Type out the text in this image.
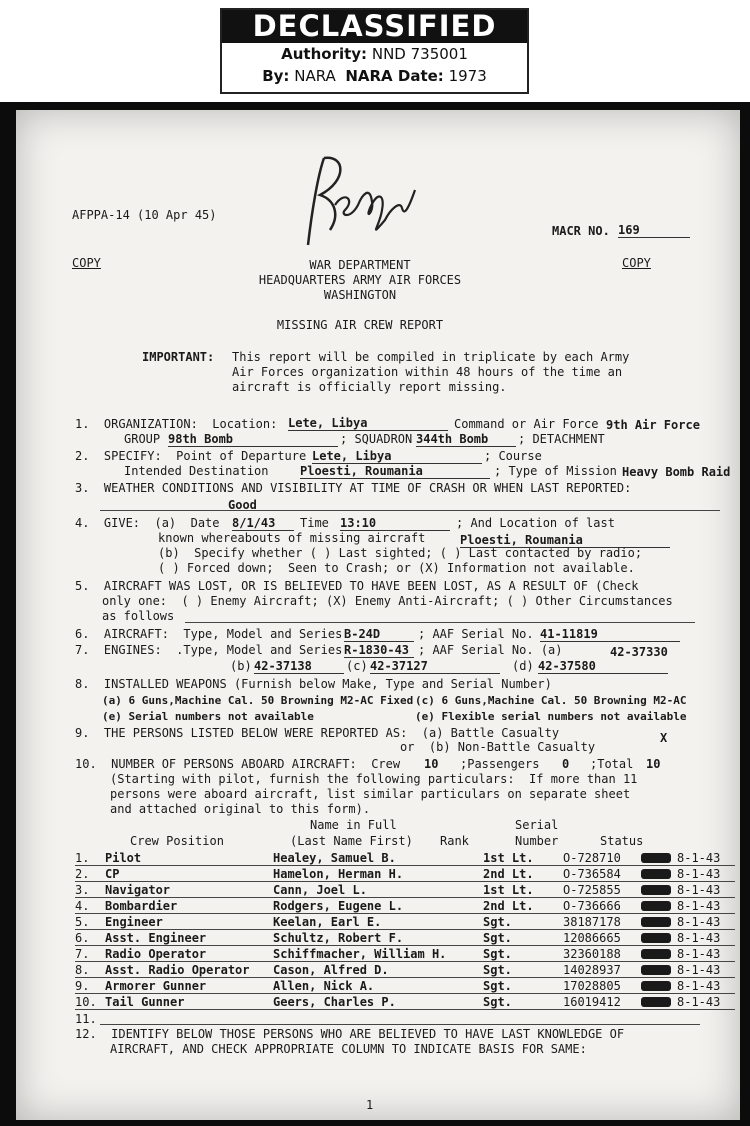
DECLASSIFIED
Authority: NND 735001
By: NARA NARA Date: 1973
AFPPA-14 (10 Apr 45)
MACR NO. 169
COPY	COPY
WAR DEPARTMENT
HEADQUARTERS ARMY AIR FORCES
WASHINGTON
MISSING AIR CREW REPORT
IMPORTANT: This report will be compiled in triplicate by each Army
Air Forces organization within 48 hours of the time an
aircraft is officially report missing.
1.  ORGANIZATION:  Location: Lete, Libya	Command or Air Force 9th Air Force
GROUP 98th Bomb	; SQUADRON 344th Bomb	; DETACHMENT
2.  SPECIFY:  Point of Departure Lete, Libya	; Course
Intended Destination	Ploesti, Roumania	; Type of Mission Heavy Bomb Raid
3.  WEATHER CONDITIONS AND VISIBILITY AT TIME OF CRASH OR WHEN LAST REPORTED:
Good
4.  GIVE:  (a)  Date 8/1/43	Time 13:10	; And Location of last
known whereabouts of missing aircraft	Ploesti, Roumania
(b)  Specify whether ( ) Last sighted; ( ) Last contacted by radio;
( ) Forced down;  Seen to Crash; or (X) Information not available.
5.  AIRCRAFT WAS LOST, OR IS BELIEVED TO HAVE BEEN LOST, AS A RESULT OF (Check
only one:  ( ) Enemy Aircraft; (X) Enemy Anti-Aircraft; ( ) Other Circumstances
as follows
6.  AIRCRAFT:  Type, Model and Series B-24D	; AAF Serial No. 41-11819
7.  ENGINES:  .Type, Model and Series R-1830-43 ; AAF Serial No. (a)	42-37330
(b) 42-37138	(c) 42-37127	(d) 42-37580
8.  INSTALLED WEAPONS (Furnish below Make, Type and Serial Number)
(a) 6 Guns,Machine Cal. 50 Browning M2-AC Fixed (c) 6 Guns,Machine Cal. 50 Browning M2-AC
(e) Serial numbers not available	(e) Flexible serial numbers not available
9.  THE PERSONS LISTED BELOW WERE REPORTED AS:  (a) Battle Casualty	X
or  (b) Non-Battle Casualty
10.  NUMBER OF PERSONS ABOARD AIRCRAFT:  Crew 10 ;Passengers 0 ;Total 10
(Starting with pilot, furnish the following particulars:  If more than 11
persons were aboard aircraft, list similar particulars on separate sheet
and attached original to this form).
Name in Full	Serial
Crew Position	(Last Name First) Rank	Number	Status
1. Pilot	Healey, Samuel B.	1st Lt. O-728710	8-1-43
2. CP	Hamelon, Herman H.	2nd Lt. O-736584	8-1-43
3. Navigator	Cann, Joel L.	1st Lt. O-725855	8-1-43
4. Bombardier	Rodgers, Eugene L.	2nd Lt. O-736666	8-1-43
5. Engineer	Keelan, Earl E.	Sgt.	38187178	8-1-43
6. Asst. Engineer	Schultz, Robert F.	Sgt.	12086665	8-1-43
7. Radio Operator	Schiffmacher, William H.	Sgt.	32360188	8-1-43
8. Asst. Radio Operator Cason, Alfred D.	Sgt.	14028937	8-1-43
9. Armorer Gunner	Allen, Nick A.	Sgt.	17028805	8-1-43
10. Tail Gunner	Geers, Charles P.	Sgt.	16019412	8-1-43
11.
12.  IDENTIFY BELOW THOSE PERSONS WHO ARE BELIEVED TO HAVE LAST KNOWLEDGE OF
AIRCRAFT, AND CHECK APPROPRIATE COLUMN TO INDICATE BASIS FOR SAME:
1
